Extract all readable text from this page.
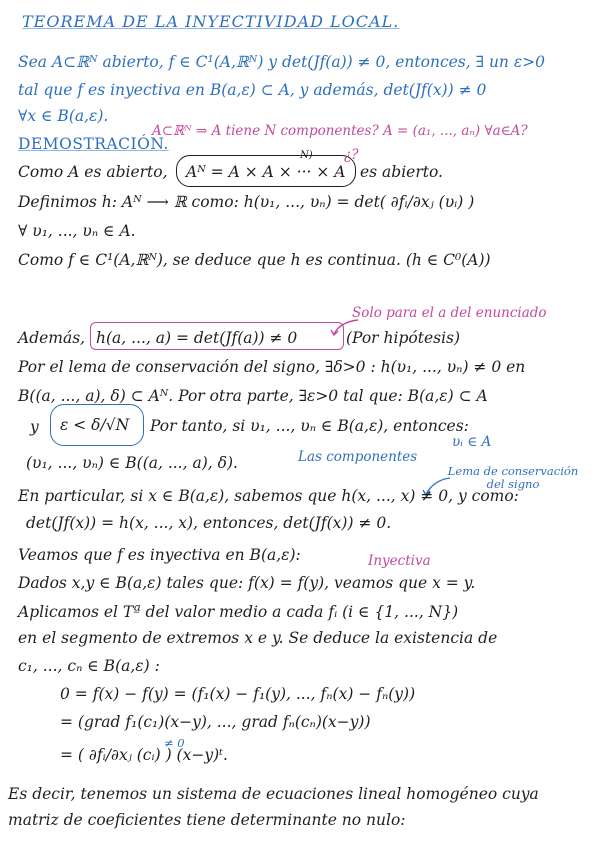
TEOREMA DE LA INYECTIVIDAD LOCAL.
Sea A⊂ℝᴺ abierto, f ∈ C¹(A,ℝᴺ) y det(Jf(a)) ≠ 0, entonces, ∃ un ε>0
tal que f es inyectiva en B(a,ε) ⊂ A, y además, det(Jf(x)) ≠ 0
∀x ∈ B(a,ε).
DEMOSTRACIÓN.
A⊂ℝᴺ ⇒ A tiene N componentes? A = (a₁, ..., aₙ) ∀a∈A?
Como A es abierto, Aᴺ = A × A × ··· × A
N) ¿?
es abierto.
Definimos h: Aᴺ ⟶ ℝ como: h(υ₁, ..., υₙ) = det( ∂fᵢ/∂xⱼ (υᵢ) )
∀ υ₁, ..., υₙ ∈ A.
Como f ∈ C¹(A,ℝᴺ), se deduce que h es continua. (h ∈ C⁰(A))
Solo para el a del enunciado
Además, h(a, ..., a) = det(Jf(a)) ≠ 0	(Por hipótesis)
Por el lema de conservación del signo, ∃δ>0 : h(υ₁, ..., υₙ) ≠ 0 en
B((a, ..., a), δ) ⊂ Aᴺ. Por otra parte, ∃ε>0 tal que: B(a,ε) ⊂ A
y ε < δ/√N Por tanto, si υ₁, ..., υₙ ∈ B(a,ε), entonces:
υᵢ ∈ A
(υ₁, ..., υₙ) ∈ B((a, ..., a), δ).	Las componentes
Lema de conservación del signo
En particular, si x ∈ B(a,ε), sabemos que h(x, ..., x) ≠ 0, y como:
det(Jf(x)) = h(x, ..., x), entonces, det(Jf(x)) ≠ 0.
Veamos que f es inyectiva en B(a,ε):	Inyectiva
Dados x,y ∈ B(a,ε) tales que: f(x) = f(y), veamos que x = y.
Aplicamos el Tª del valor medio a cada fᵢ (i ∈ {1, ..., N})
en el segmento de extremos x e y. Se deduce la existencia de
c₁, ..., cₙ ∈ B(a,ε) :
0 = f(x) − f(y) = (f₁(x) − f₁(y), ..., fₙ(x) − fₙ(y))
= (grad f₁(c₁)(x−y), ..., grad fₙ(cₙ)(x−y))
≠ 0
= ( ∂fᵢ/∂xⱼ (cᵢ) ) (x−y)ᵗ.
Es decir, tenemos un sistema de ecuaciones lineal homogéneo cuya
matriz de coeficientes tiene determinante no nulo:
